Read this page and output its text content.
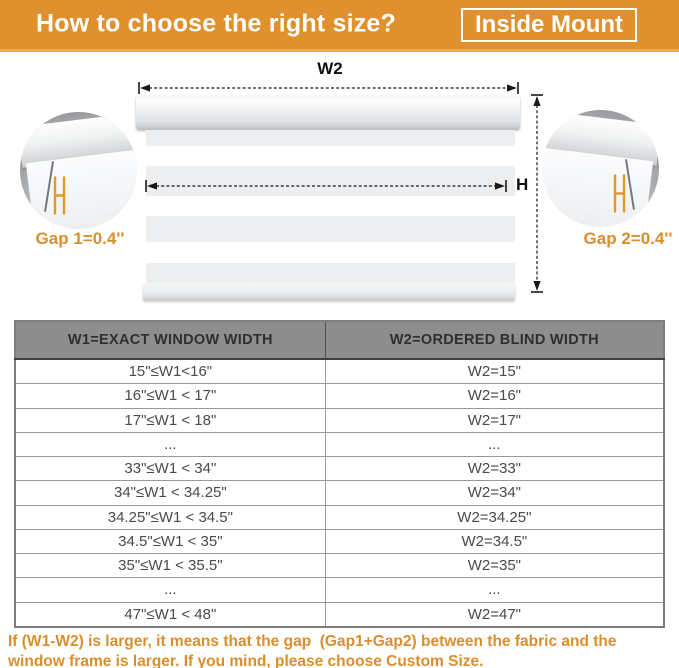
How to choose the right size?	Inside Mount
W2
H
Gap 1=0.4''	Gap 2=0.4''
W1=EXACT WINDOW WIDTH	W2=ORDERED BLIND WIDTH
15"≤W1<16"	W2=15"
16"≤W1 < 17"	W2=16"
17"≤W1 < 18"	W2=17"
...	...
33"≤W1 < 34"	W2=33"
34"≤W1 < 34.25"	W2=34"
34.25"≤W1 < 34.5"	W2=34.25"
34.5"≤W1 < 35"	W2=34.5"
35"≤W1 < 35.5"	W2=35"
...	...
47"≤W1 < 48"	W2=47"
If (W1-W2) is larger, it means that the gap  (Gap1+Gap2) between the fabric and the window frame is larger. If you mind, please choose Custom Size.
